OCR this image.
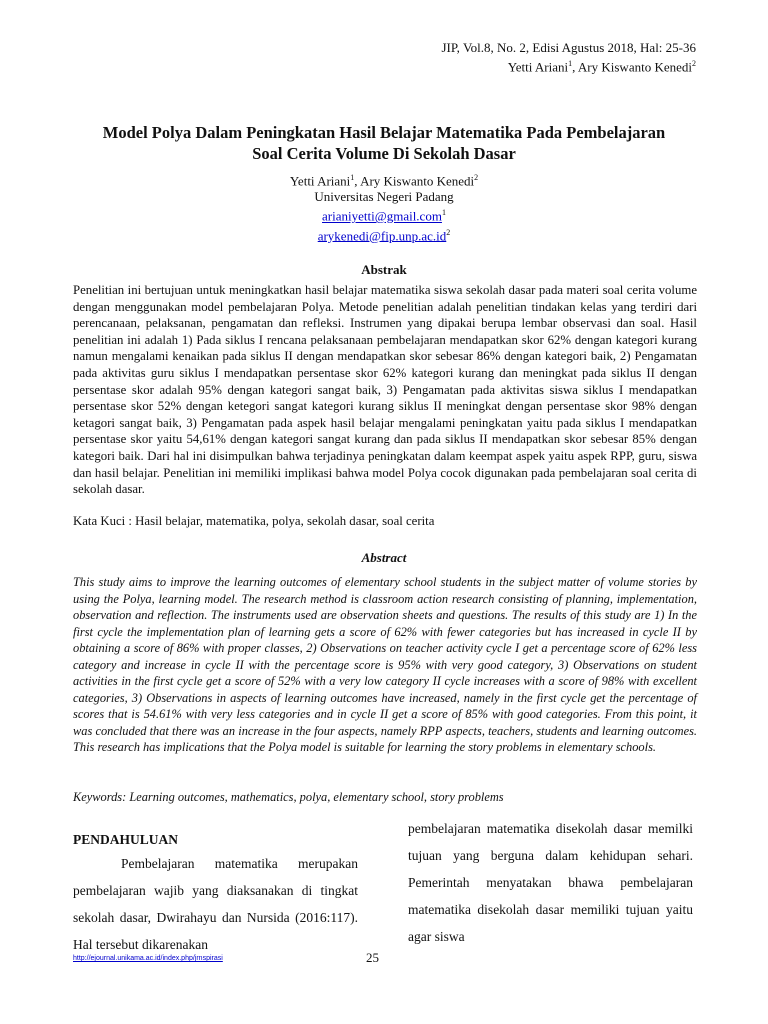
JIP, Vol.8, No. 2, Edisi Agustus 2018, Hal: 25-36
Yetti Ariani$^1$, Ary Kiswanto Kenedi$^2$
Model Polya Dalam Peningkatan Hasil Belajar Matematika Pada Pembelajaran
Soal Cerita Volume Di Sekolah Dasar
Yetti Ariani$^1$, Ary Kiswanto Kenedi$^2$
Universitas Negeri Padang
arianiyetti@gmail.com$^1$
$arykenedi@fip.unp.ac.id^2$
Abstrak
Penelitian ini bertujuan untuk meningkatkan hasil belajar matematika siswa sekolah dasar pada materi soal cerita volume dengan menggunakan model pembelajaran Polya. Metode penelitian adalah penelitian tindakan kelas yang terdiri dari perencanaan, pelaksanan, pengamatan dan refleksi. Instrumen yang dipakai berupa lembar observasi dan soal. Hasil penelitian ini adalah 1) Pada siklus I rencana pelaksanaan pembelajaran mendapatkan skor 62% dengan kategori kurang namun mengalami kenaikan pada siklus II dengan mendapatkan skor sebesar 86% dengan kategori baik, 2) Pengamatan pada aktivitas guru siklus I mendapatkan persentase skor 62% kategori kurang dan meningkat pada siklus II dengan persentase skor adalah 95% dengan kategori sangat baik, 3) Pengamatan pada aktivitas siswa siklus I mendapatkan persentase skor 52% dengan ketegori sangat kategori kurang siklus II meningkat dengan persentase skor 98% dengan ketagori sangat baik, 3) Pengamatan pada aspek hasil belajar mengalami peningkatan yaitu pada siklus I mendapatkan persentase skor yaitu 54,61% dengan kategori sangat kurang dan pada siklus II mendapatkan skor sebesar 85% dengan kategori baik. Dari hal ini disimpulkan bahwa terjadinya peningkatan dalam keempat aspek yaitu aspek RPP, guru, siswa dan hasil belajar. Penelitian ini memiliki implikasi bahwa model Polya cocok digunakan pada pembelajaran soal cerita di sekolah dasar.
Kata Kuci : Hasil belajar, matematika, polya, sekolah dasar, soal cerita
Abstract
This study aims to improve the learning outcomes of elementary school students in the subject matter of volume stories by using the Polya, learning model. The research method is classroom action research consisting of planning, implementation, observation and reflection. The instruments used are observation sheets and questions. The results of this study are 1) In the first cycle the implementation plan of learning gets a score of 62% with fewer categories but has increased in cycle II by obtaining a score of 86% with proper classes, 2) Observations on teacher activity cycle I get a percentage score of 62% less category and increase in cycle II with the percentage score is 95% with very good category, 3) Observations on student activities in the first cycle get a score of 52% with a very low category II cycle increases with a score of 98% with excellent categories, 3) Observations in aspects of learning outcomes have increased, namely in the first cycle get the percentage of scores that is 54.61% with very less categories and in cycle II get a score of 85% with good categories. From this point, it was concluded that there was an increase in the four aspects, namely RPP aspects, teachers, students and learning outcomes. This research has implications that the Polya model is suitable for learning the story problems in elementary schools.
Keywords: Learning outcomes, mathematics, polya, elementary school, story problems
PENDAHULUAN
Pembelajaran matematika merupakan pembelajaran wajib yang diaksanakan di tingkat sekolah dasar, Dwirahayu dan Nursida (2016:117). Hal tersebut dikarenakan
pembelajaran matematika disekolah dasar memilki tujuan yang berguna dalam kehidupan sehari. Pemerintah menyatakan bhawa pembelajaran matematika disekolah dasar memiliki tujuan yaitu agar siswa
http://ejournal.unikama.ac.id/index.php/jrnspirasi	25
